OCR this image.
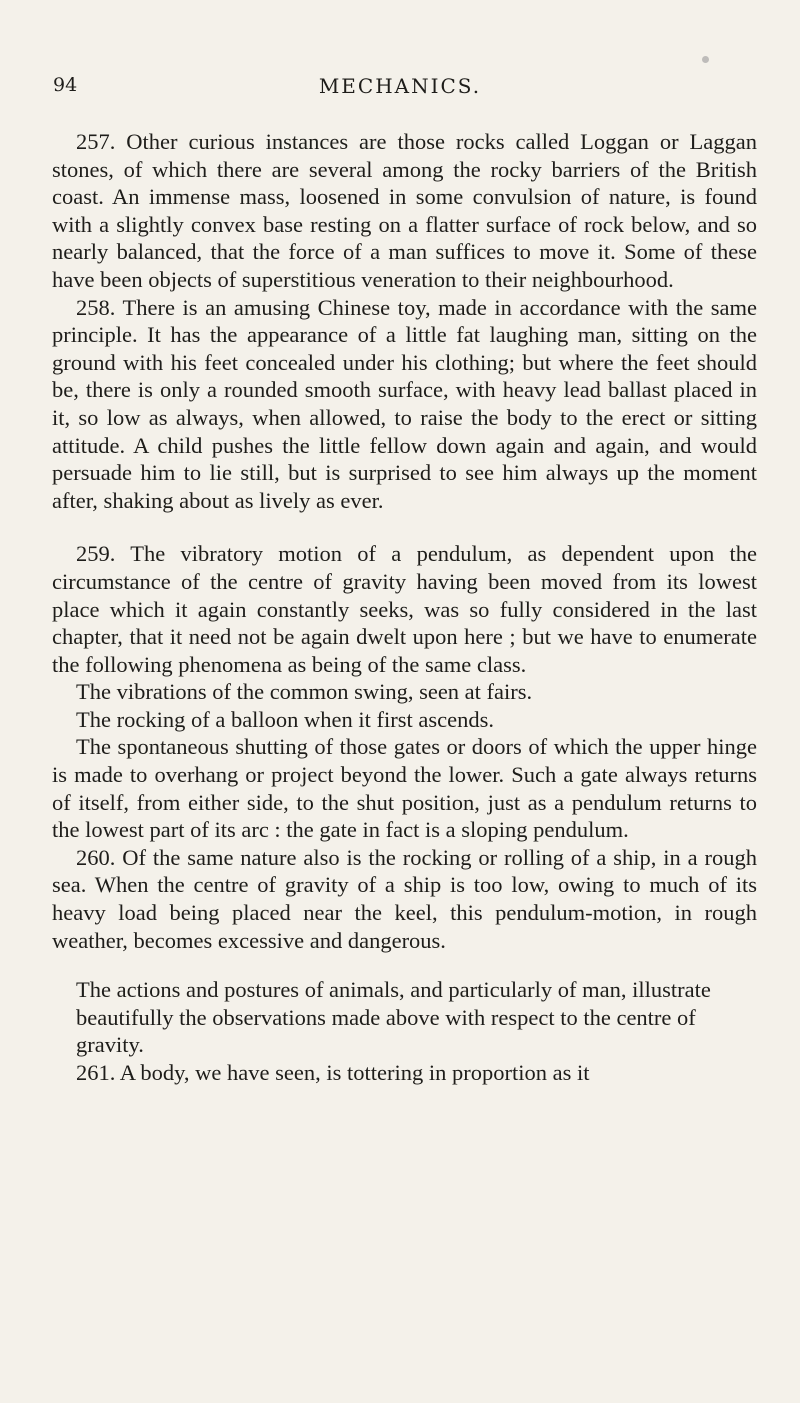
94	MECHANICS.

257. Other curious instances are those rocks called Loggan or Laggan stones, of which there are several among the rocky barriers of the British coast. An immense mass, loosened in some convulsion of nature, is found with a slightly convex base resting on a flatter surface of rock below, and so nearly balanced, that the force of a man suffices to move it. Some of these have been objects of superstitious veneration to their neighbourhood.

258. There is an amusing Chinese toy, made in accordance with the same principle. It has the appearance of a little fat laughing man, sitting on the ground with his feet concealed under his clothing; but where the feet should be, there is only a rounded smooth surface, with heavy lead ballast placed in it, so low as always, when allowed, to raise the body to the erect or sitting attitude. A child pushes the little fellow down again and again, and would persuade him to lie still, but is surprised to see him always up the moment after, shaking about as lively as ever.

259. The vibratory motion of a pendulum, as dependent upon the circumstance of the centre of gravity having been moved from its lowest place which it again constantly seeks, was so fully considered in the last chapter, that it need not be again dwelt upon here ; but we have to enumerate the following phenomena as being of the same class.

The vibrations of the common swing, seen at fairs.

The rocking of a balloon when it first ascends.

The spontaneous shutting of those gates or doors of which the upper hinge is made to overhang or project beyond the lower. Such a gate always returns of itself, from either side, to the shut position, just as a pendulum returns to the lowest part of its arc : the gate in fact is a sloping pendulum.

260. Of the same nature also is the rocking or rolling of a ship, in a rough sea. When the centre of gravity of a ship is too low, owing to much of its heavy load being placed near the keel, this pendulum-motion, in rough weather, becomes excessive and dangerous.

The actions and postures of animals, and particularly of man, illustrate beautifully the observations made above with respect to the centre of gravity.

261. A body, we have seen, is tottering in proportion as it
